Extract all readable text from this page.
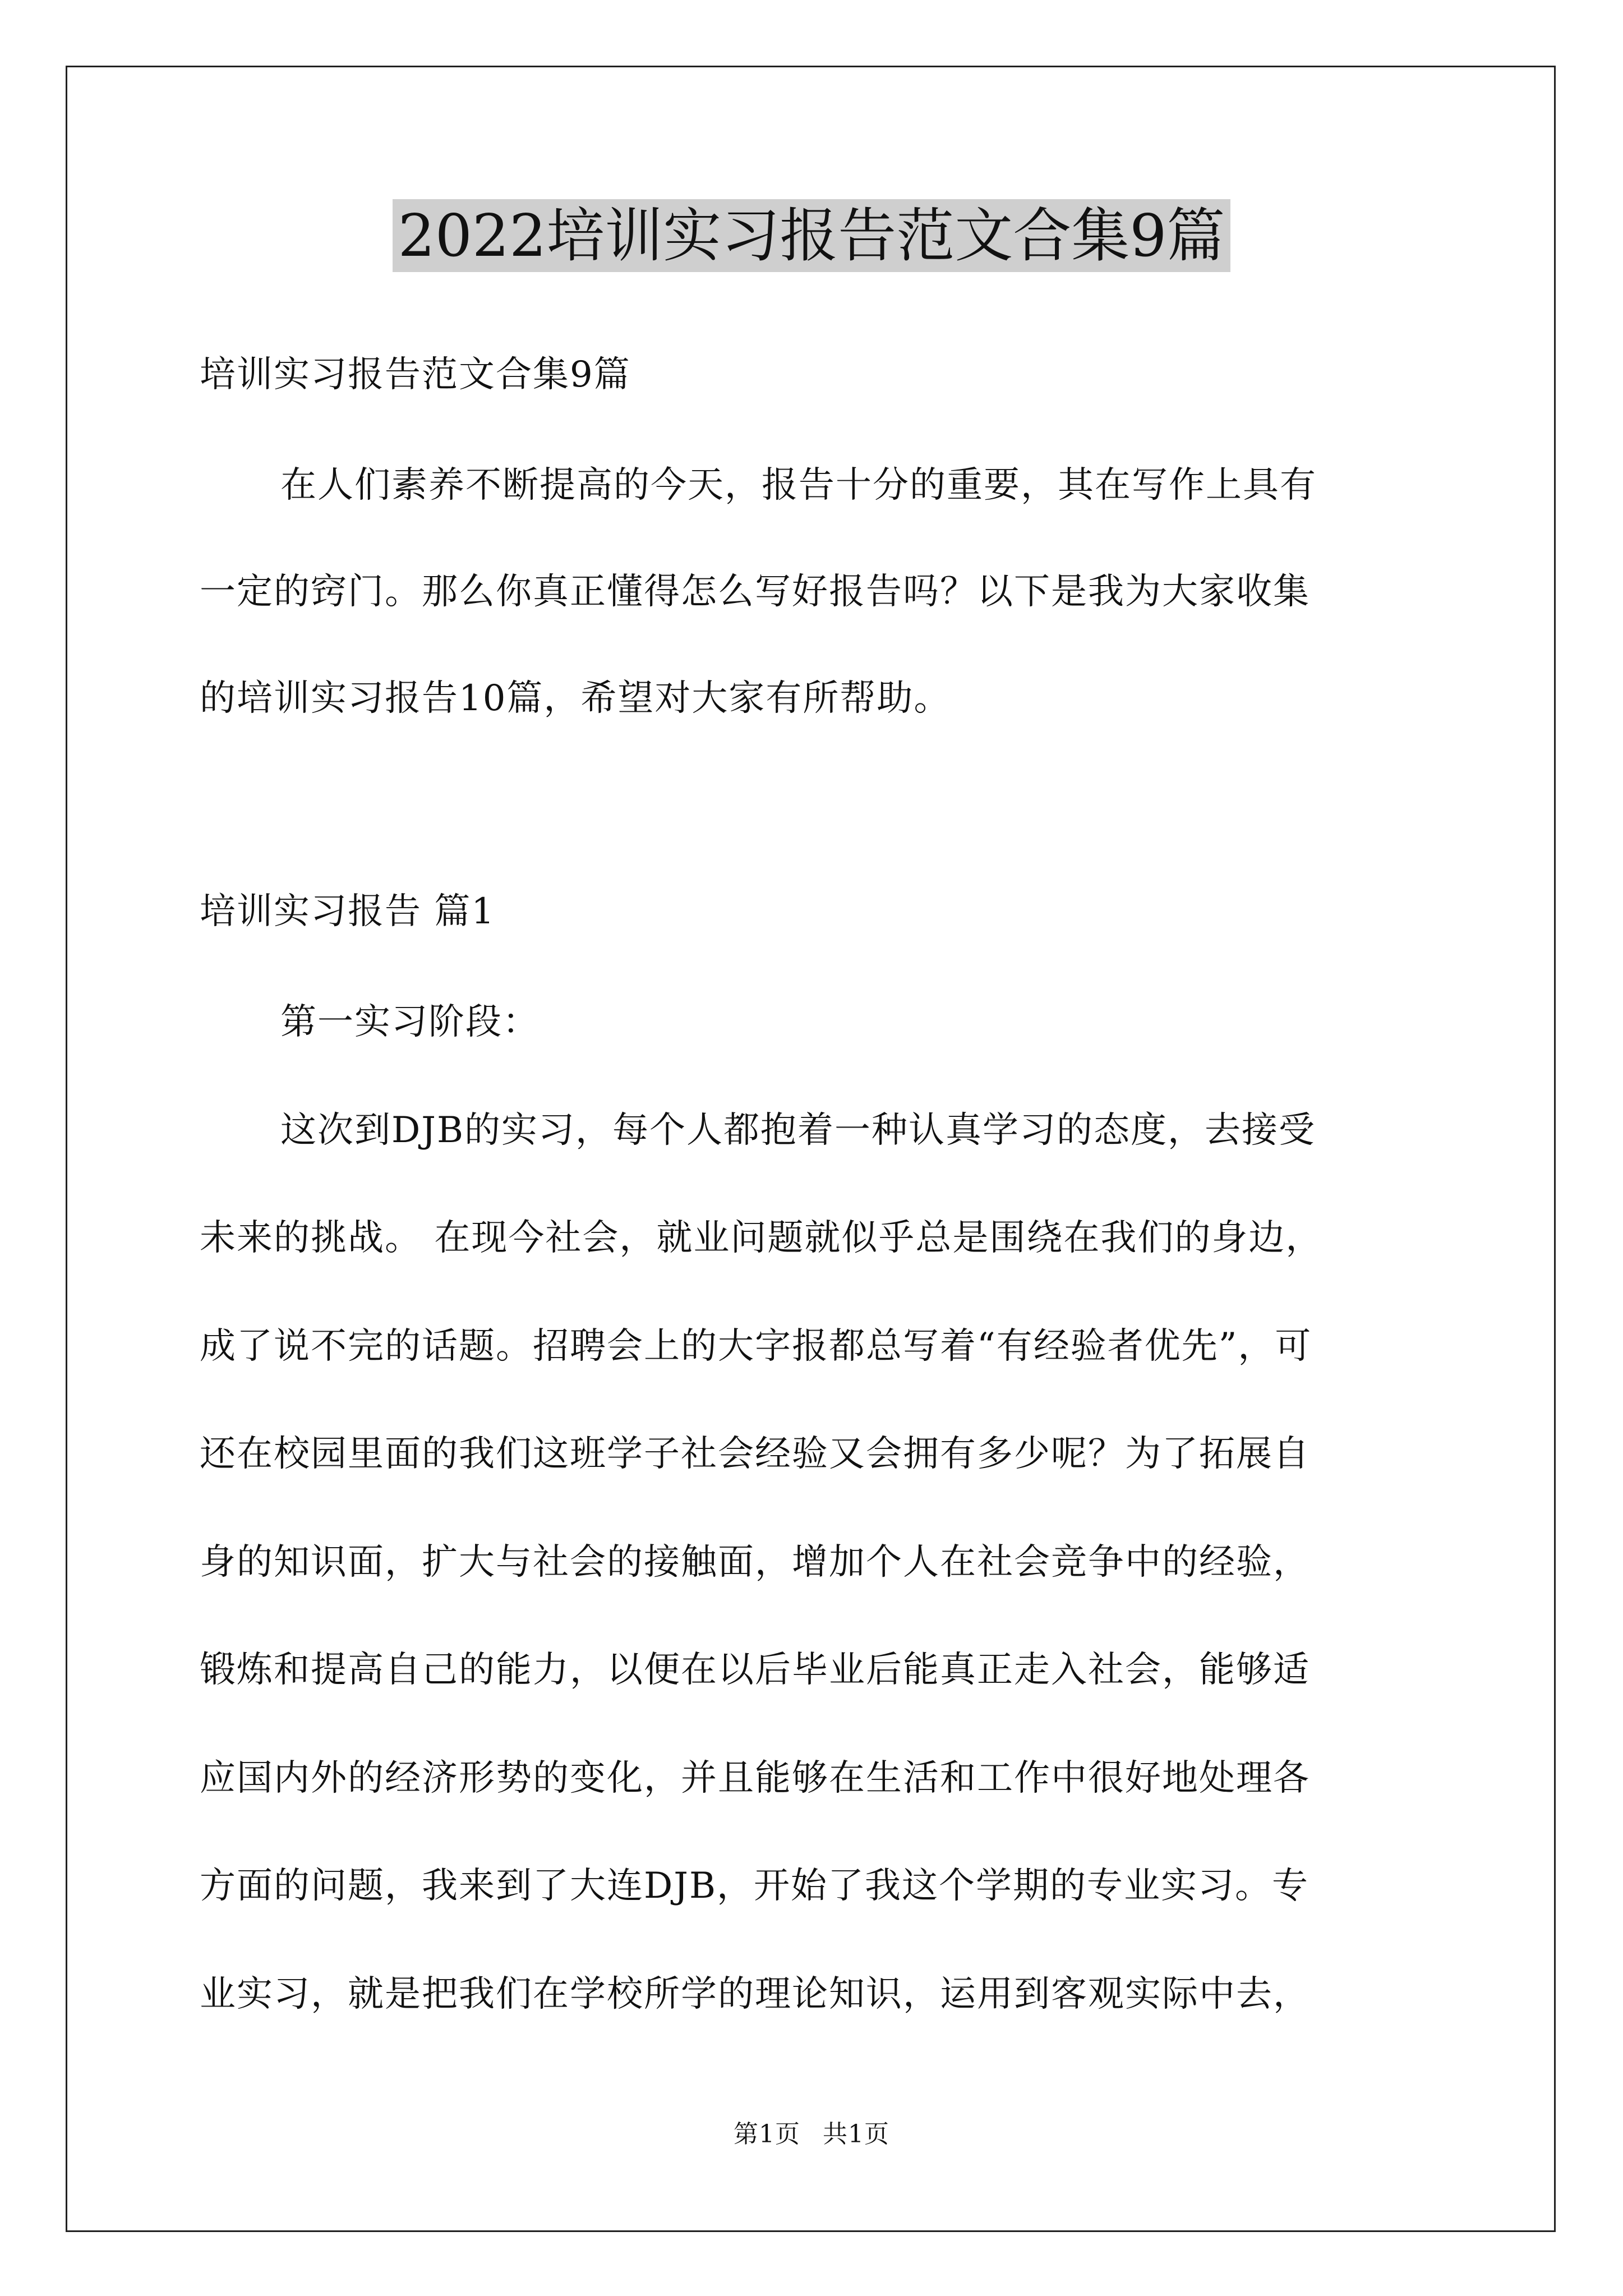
2022培训实习报告范文合集9篇
培训实习报告范文合集9篇
在人们素养不断提高的今天，报告十分的重要，其在写作上具有
一定的窍门。那么你真正懂得怎么写好报告吗？以下是我为大家收集
的培训实习报告10篇，希望对大家有所帮助。
培训实习报告 篇1
第一实习阶段：
这次到DJB的实习，每个人都抱着一种认真学习的态度，去接受
未来的挑战。 在现今社会，就业问题就似乎总是围绕在我们的身边，
成了说不完的话题。招聘会上的大字报都总写着“有经验者优先”，可
还在校园里面的我们这班学子社会经验又会拥有多少呢？为了拓展自
身的知识面，扩大与社会的接触面，增加个人在社会竞争中的经验，
锻炼和提高自己的能力，以便在以后毕业后能真正走入社会，能够适
应国内外的经济形势的变化，并且能够在生活和工作中很好地处理各
方面的问题，我来到了大连DJB，开始了我这个学期的专业实习。专
业实习，就是把我们在学校所学的理论知识，运用到客观实际中去，
第1页 共1页
